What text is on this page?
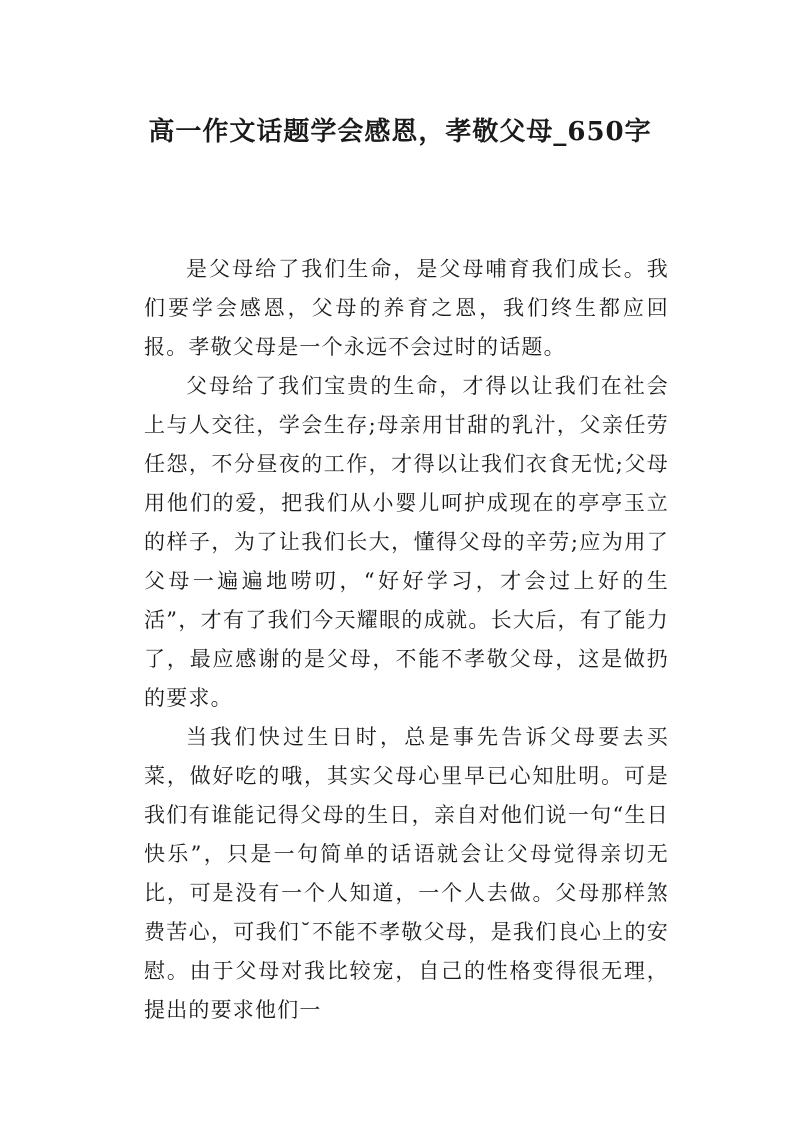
高一作文话题学会感恩，孝敬父母_650字

是父母给了我们生命，是父母哺育我们成长。我们要学会感恩，父母的养育之恩，我们终生都应回报。孝敬父母是一个永远不会过时的话题。

父母给了我们宝贵的生命，才得以让我们在社会上与人交往，学会生存;母亲用甘甜的乳汁，父亲任劳任怨，不分昼夜的工作，才得以让我们衣食无忧;父母用他们的爱，把我们从小婴儿呵护成现在的亭亭玉立的样子，为了让我们长大，懂得父母的辛劳;应为用了父母一遍遍地唠叨，“好好学习，才会过上好的生活”，才有了我们今天耀眼的成就。长大后，有了能力了，最应感谢的是父母，不能不孝敬父母，这是做扔的要求。

当我们快过生日时，总是事先告诉父母要去买菜，做好吃的哦，其实父母心里早已心知肚明。可是我们有谁能记得父母的生日，亲自对他们说一句“生日快乐”，只是一句简单的话语就会让父母觉得亲切无比，可是没有一个人知道，一个人去做。父母那样煞费苦心，可我们˘不能不孝敬父母，是我们良心上的安慰。由于父母对我比较宠，自己的性格变得很无理，提出的要求他们一
